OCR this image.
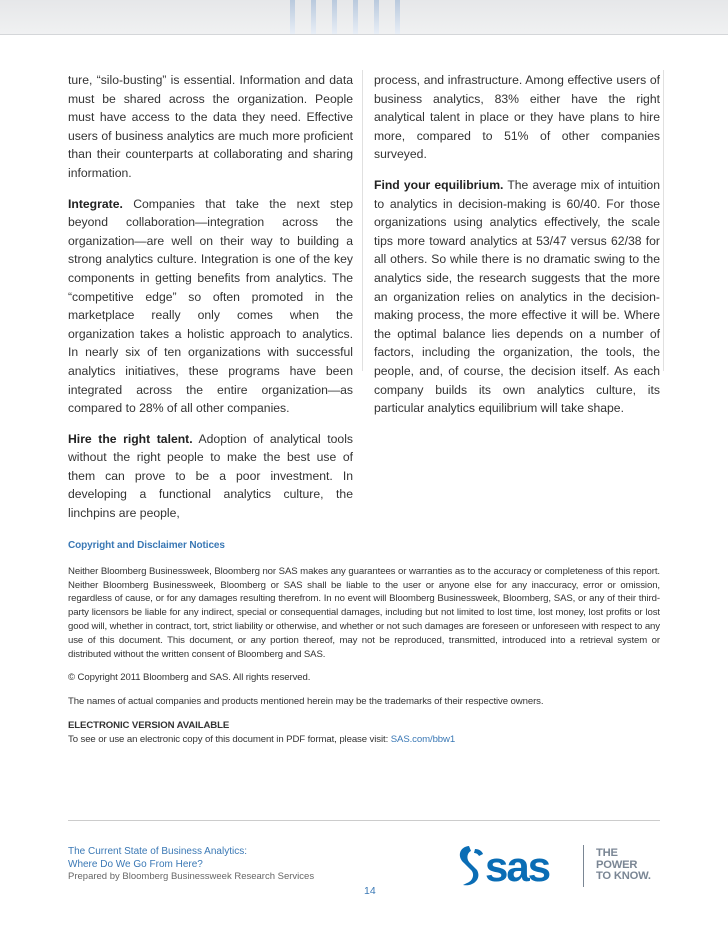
ture, “silo-busting” is essential. Information and data must be shared across the organization. People must have access to the data they need. Effective users of business analytics are much more proficient than their counterparts at collaborating and sharing information.

Integrate. Companies that take the next step beyond collaboration—integration across the organization—are well on their way to building a strong analytics culture. Integration is one of the key components in getting benefits from analytics. The “competitive edge” so often promoted in the marketplace really only comes when the organization takes a holistic approach to analytics. In nearly six of ten organizations with successful analytics initiatives, these programs have been integrated across the entire organization—as compared to 28% of all other companies.

Hire the right talent. Adoption of analytical tools without the right people to make the best use of them can prove to be a poor investment. In developing a functional analytics culture, the linchpins are people,

process, and infrastructure. Among effective users of business analytics, 83% either have the right analytical talent in place or they have plans to hire more, compared to 51% of other companies surveyed.

Find your equilibrium. The average mix of intuition to analytics in decision-making is 60/40. For those organizations using analytics effectively, the scale tips more toward analytics at 53/47 versus 62/38 for all others. So while there is no dramatic swing to the analytics side, the research suggests that the more an organization relies on analytics in the decision-making process, the more effective it will be. Where the optimal balance lies depends on a number of factors, including the organization, the tools, the people, and, of course, the decision itself. As each company builds its own analytics culture, its particular analytics equilibrium will take shape.

Copyright and Disclaimer Notices

Neither Bloomberg Businessweek, Bloomberg nor SAS makes any guarantees or warranties as to the accuracy or completeness of this report. Neither Bloomberg Businessweek, Bloomberg or SAS shall be liable to the user or anyone else for any inaccuracy, error or omission, regardless of cause, or for any damages resulting therefrom. In no event will Bloomberg Businessweek, Bloomberg, SAS, or any of their third-party licensors be liable for any indirect, special or consequential damages, including but not limited to lost time, lost money, lost profits or lost good will, whether in contract, tort, strict liability or otherwise, and whether or not such damages are foreseen or unforeseen with respect to any use of this document. This document, or any portion thereof, may not be reproduced, transmitted, introduced into a retrieval system or distributed without the written consent of Bloomberg and SAS.

© Copyright 2011 Bloomberg and SAS. All rights reserved.

The names of actual companies and products mentioned herein may be the trademarks of their respective owners.

ELECTRONIC VERSION AVAILABLE

To see or use an electronic copy of this document in PDF format, please visit: SAS.com/bbw1

The Current State of Business Analytics:
Where Do We Go From Here?
Prepared by Bloomberg Businessweek Research Services
14
sas	THE
POWER
TO KNOW.
